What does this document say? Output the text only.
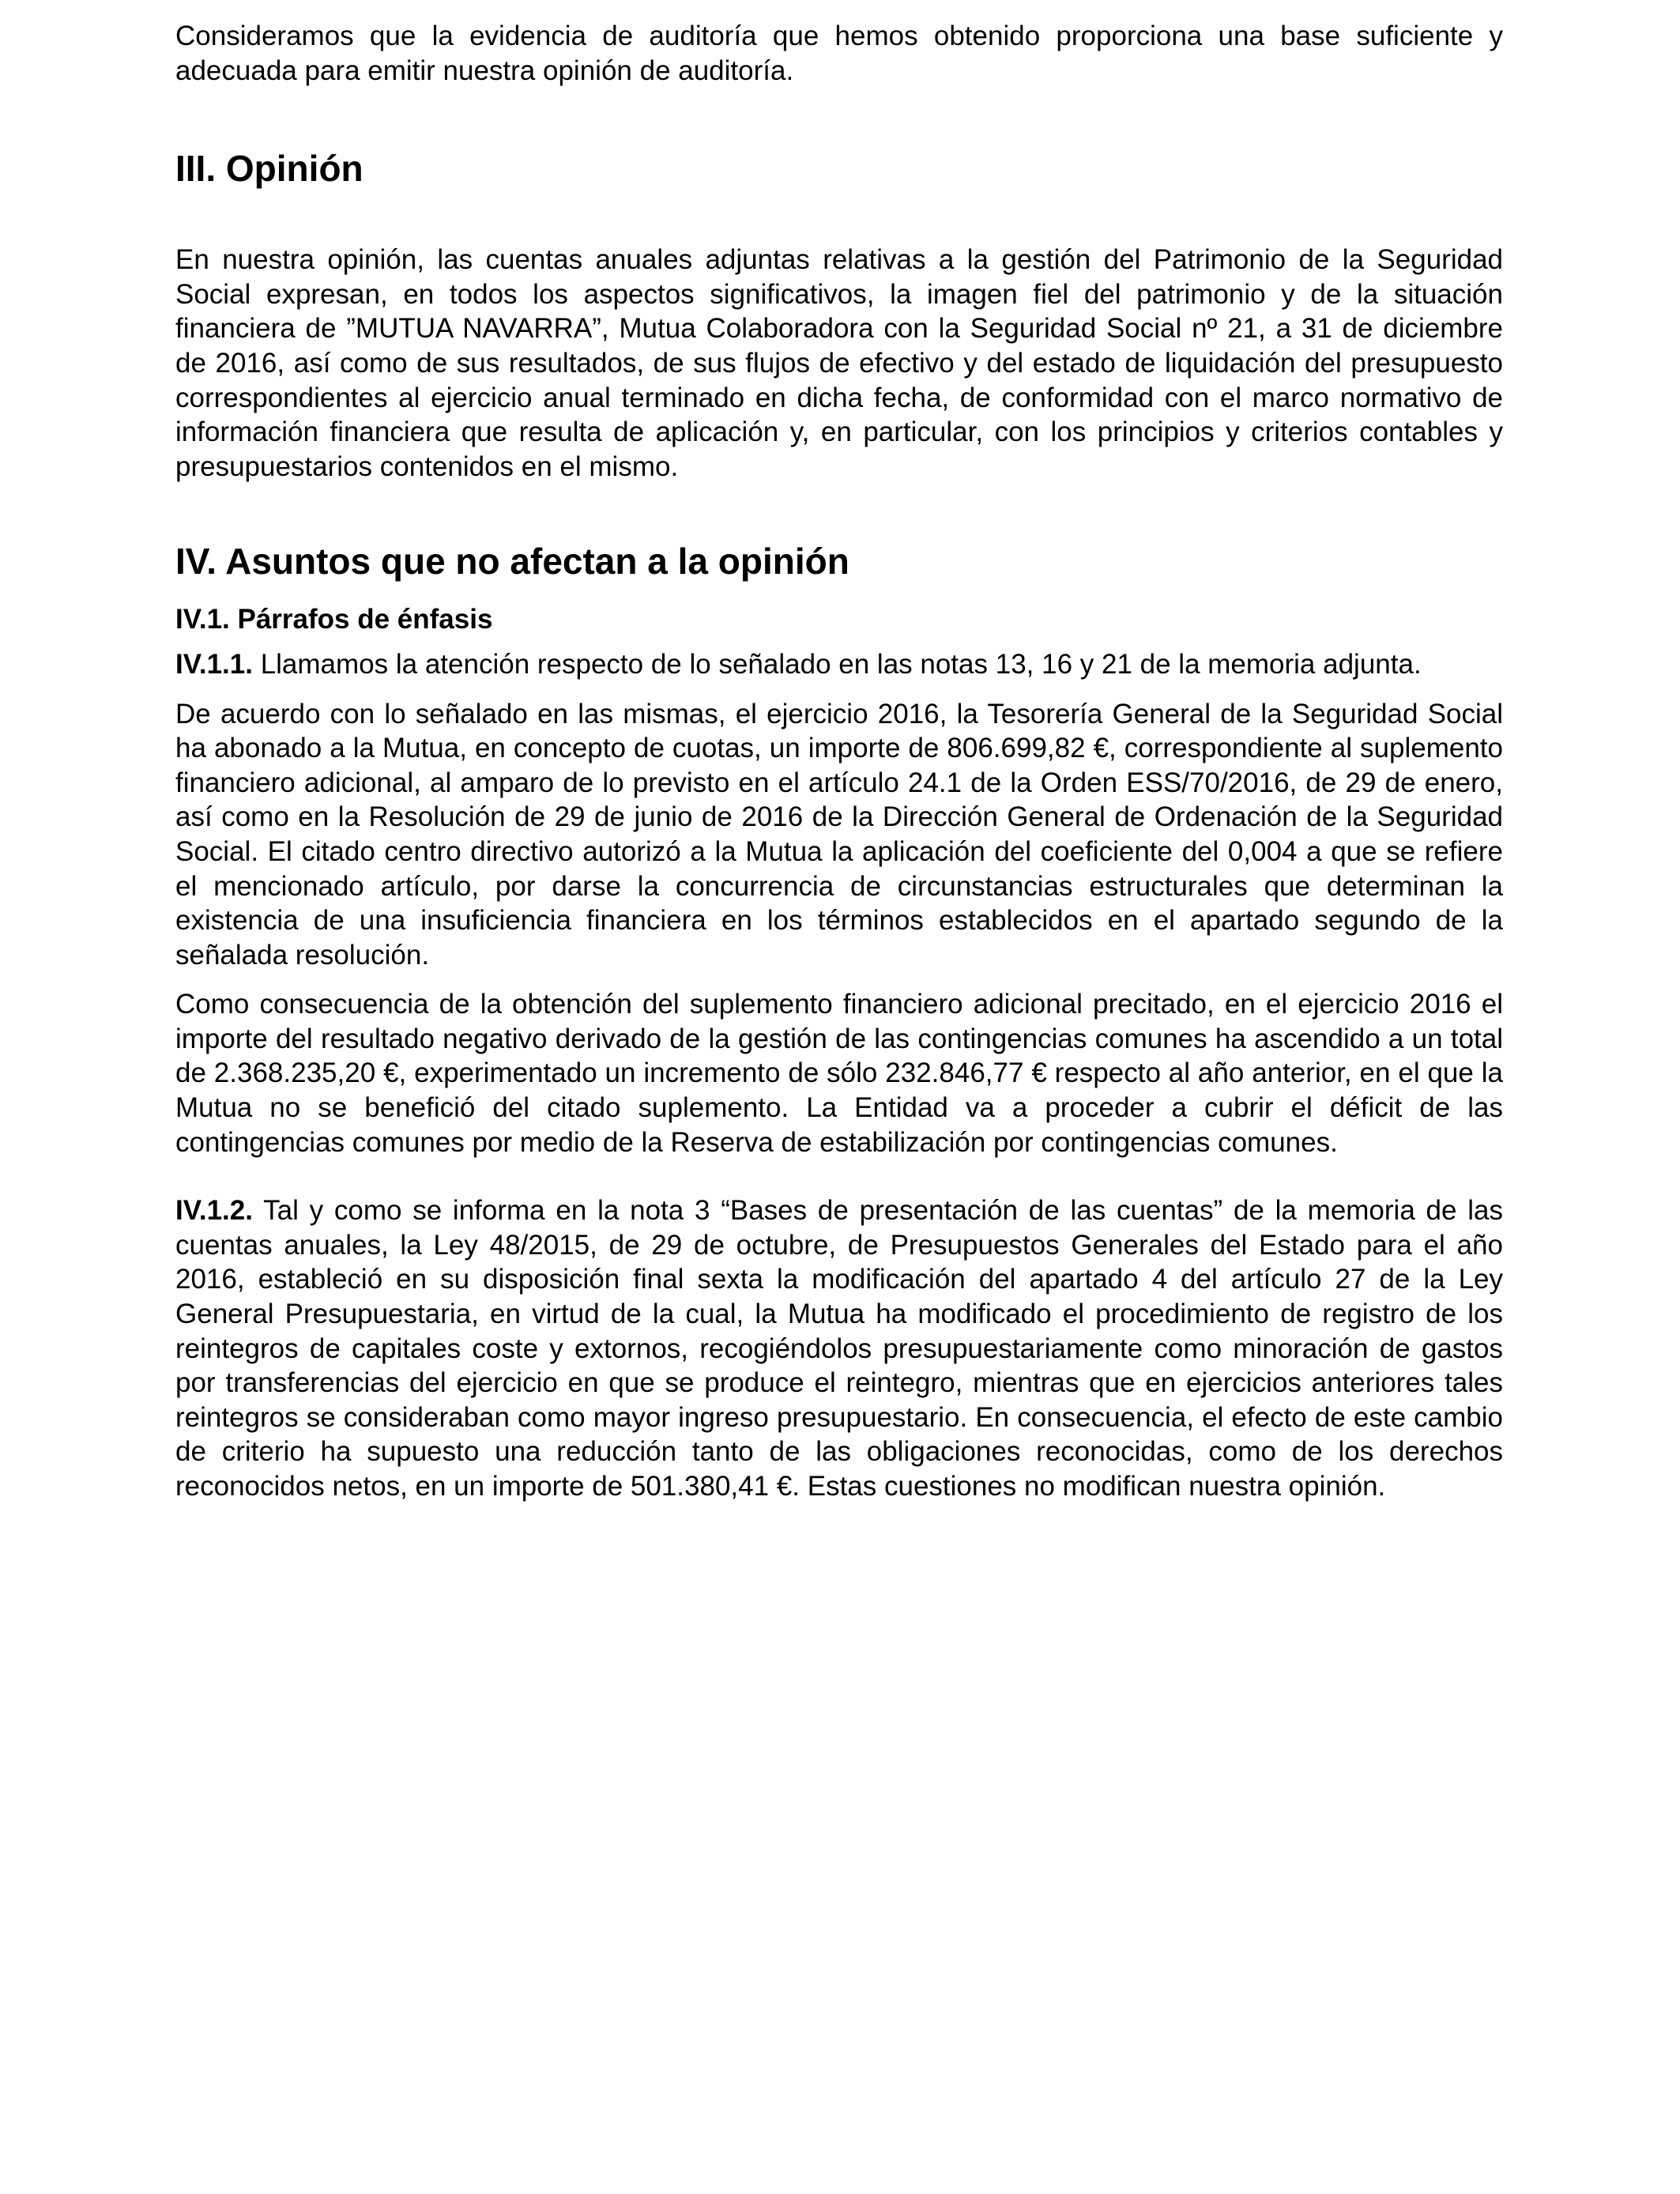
Consideramos que la evidencia de auditoría que hemos obtenido proporciona una base suficiente y adecuada para emitir nuestra opinión de auditoría.

III. Opinión

En nuestra opinión, las cuentas anuales adjuntas relativas a la gestión del Patrimonio de la Seguridad Social expresan, en todos los aspectos significativos, la imagen fiel del patrimonio y de la situación financiera de ”MUTUA NAVARRA”, Mutua Colaboradora con la Seguridad Social nº 21, a 31 de diciembre de 2016, así como de sus resultados, de sus flujos de efectivo y del estado de liquidación del presupuesto correspondientes al ejercicio anual terminado en dicha fecha, de conformidad con el marco normativo de información financiera que resulta de aplicación y, en particular, con los principios y criterios contables y presupuestarios contenidos en el mismo.

IV. Asuntos que no afectan a la opinión
IV.1. Párrafos de énfasis

IV.1.1. Llamamos la atención respecto de lo señalado en las notas 13, 16 y 21 de la memoria adjunta.

De acuerdo con lo señalado en las mismas, el ejercicio 2016, la Tesorería General de la Seguridad Social ha abonado a la Mutua, en concepto de cuotas, un importe de 806.699,82 €, correspondiente al suplemento financiero adicional, al amparo de lo previsto en el artículo 24.1 de la Orden ESS/70/2016, de 29 de enero, así como en la Resolución de 29 de junio de 2016 de la Dirección General de Ordenación de la Seguridad Social. El citado centro directivo autorizó a la Mutua la aplicación del coeficiente del 0,004 a que se refiere el mencionado artículo, por darse la concurrencia de circunstancias estructurales que determinan la existencia de una insuficiencia financiera en los términos establecidos en el apartado segundo de la señalada resolución.

Como consecuencia de la obtención del suplemento financiero adicional precitado, en el ejercicio 2016 el importe del resultado negativo derivado de la gestión de las contingencias comunes ha ascendido a un total de 2.368.235,20 €, experimentado un incremento de sólo 232.846,77 € respecto al año anterior, en el que la Mutua no se benefició del citado suplemento. La Entidad va a proceder a cubrir el déficit de las contingencias comunes por medio de la Reserva de estabilización por contingencias comunes.

IV.1.2. Tal y como se informa en la nota 3 “Bases de presentación de las cuentas” de la memoria de las cuentas anuales, la Ley 48/2015, de 29 de octubre, de Presupuestos Generales del Estado para el año 2016, estableció en su disposición final sexta la modificación del apartado 4 del artículo 27 de la Ley General Presupuestaria, en virtud de la cual, la Mutua ha modificado el procedimiento de registro de los reintegros de capitales coste y extornos, recogiéndolos presupuestariamente como minoración de gastos por transferencias del ejercicio en que se produce el reintegro, mientras que en ejercicios anteriores tales reintegros se consideraban como mayor ingreso presupuestario. En consecuencia, el efecto de este cambio de criterio ha supuesto una reducción tanto de las obligaciones reconocidas, como de los derechos reconocidos netos, en un importe de 501.380,41 €. Estas cuestiones no modifican nuestra opinión.
